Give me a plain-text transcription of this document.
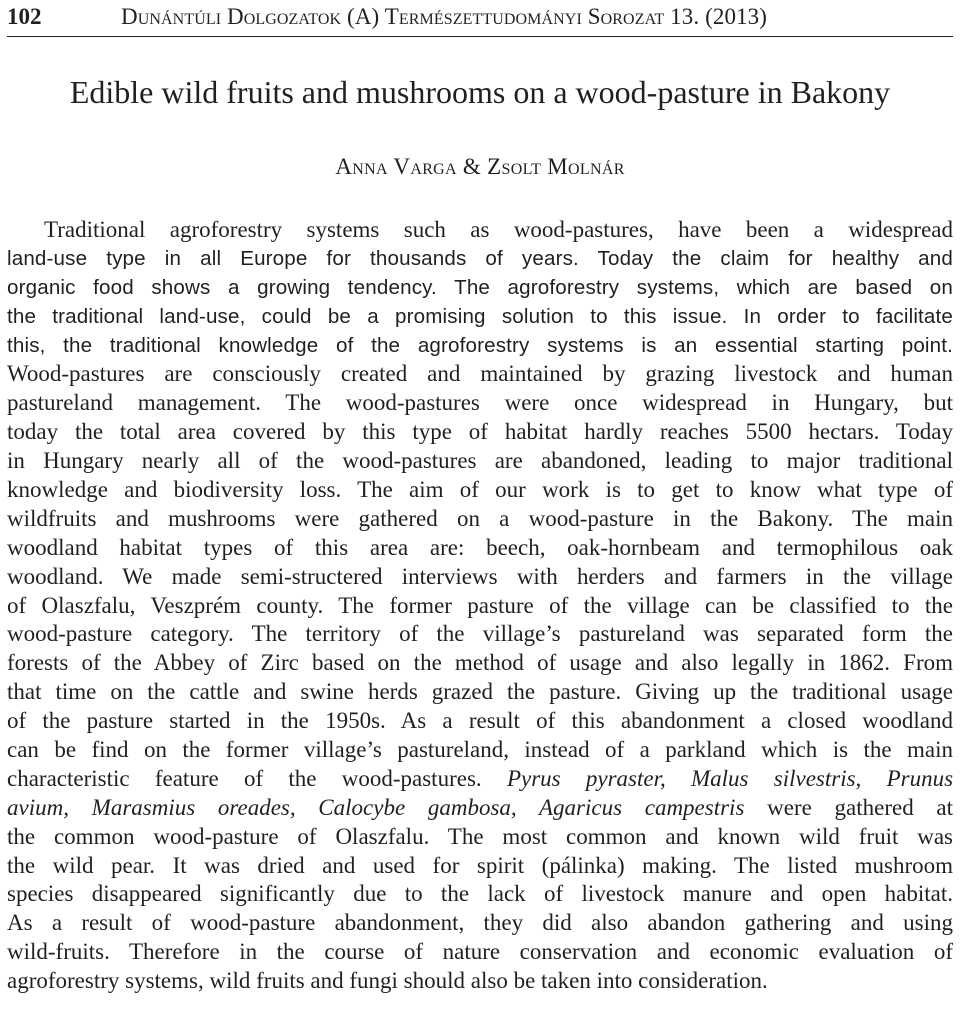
102	Dunántúli Dolgozatok (A) Természettudományi Sorozat 13. (2013)
Edible wild fruits and mushrooms on a wood-pasture in Bakony
Anna Varga & Zsolt Molnár
Traditional agroforestry systems such as wood-pastures, have been a widespread
land-use type in all Europe for thousands of years. Today the claim for healthy and
organic food shows a growing tendency. The agroforestry systems, which are based on
the traditional land-use, could be a promising solution to this issue. In order to facilitate
this, the traditional knowledge of the agroforestry systems is an essential starting point.
Wood-pastures are consciously created and maintained by grazing livestock and human
pastureland management. The wood-pastures were once widespread in Hungary, but
today the total area covered by this type of habitat hardly reaches 5500 hectars. Today
in Hungary nearly all of the wood-pastures are abandoned, leading to major traditional
knowledge and biodiversity loss. The aim of our work is to get to know what type of
wildfruits and mushrooms were gathered on a wood-pasture in the Bakony. The main
woodland habitat types of this area are: beech, oak-hornbeam and termophilous oak
woodland. We made semi-structered interviews with herders and farmers in the village
of Olaszfalu, Veszprém county. The former pasture of the village can be classified to the
wood-pasture category. The territory of the village’s pastureland was separated form the
forests of the Abbey of Zirc based on the method of usage and also legally in 1862. From
that time on the cattle and swine herds grazed the pasture. Giving up the traditional usage
of the pasture started in the 1950s. As a result of this abandonment a closed woodland
can be find on the former village’s pastureland, instead of a parkland which is the main
characteristic feature of the wood-pastures. Pyrus pyraster, Malus silvestris, Prunus
avium, Marasmius oreades, Calocybe gambosa, Agaricus campestris were gathered at
the common wood-pasture of Olaszfalu. The most common and known wild fruit was
the wild pear. It was dried and used for spirit (pálinka) making. The listed mushroom
species disappeared significantly due to the lack of livestock manure and open habitat.
As a result of wood-pasture abandonment, they did also abandon gathering and using
wild-fruits. Therefore in the course of nature conservation and economic evaluation of
agroforestry systems, wild fruits and fungi should also be taken into consideration.
